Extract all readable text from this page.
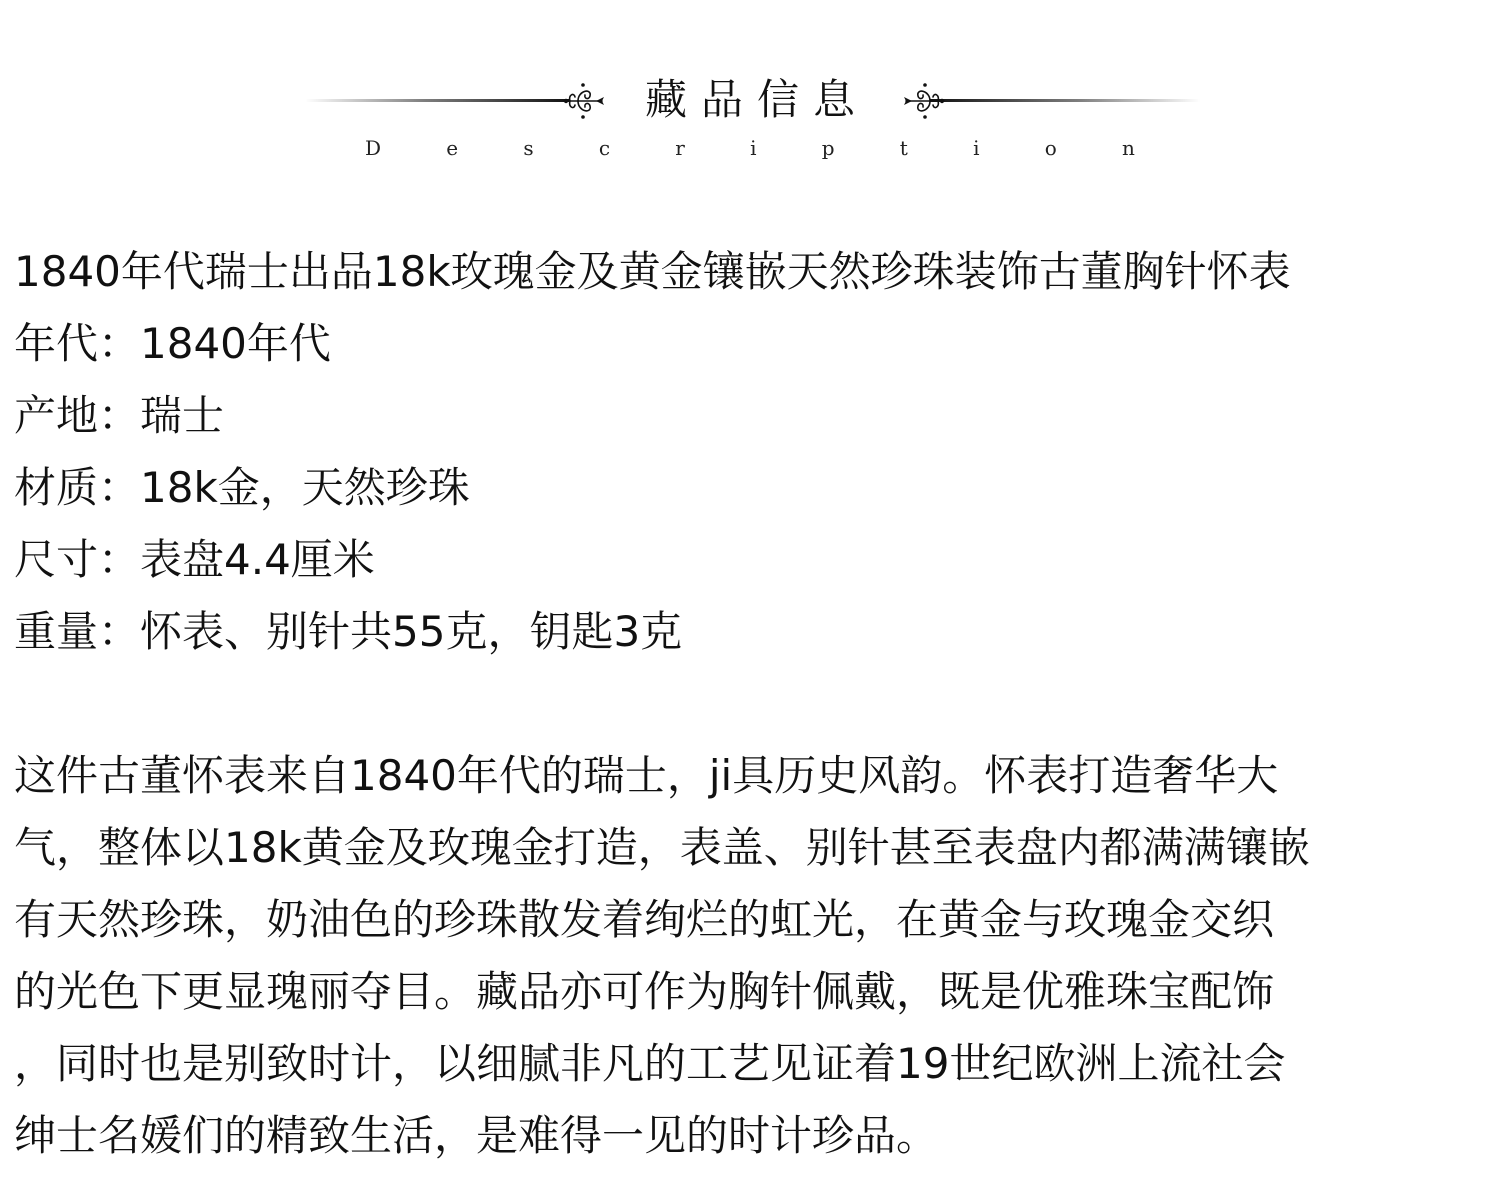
藏品信息
D	e	s	c	r	i	p	t	i	o	n
1840年代瑞士出品18k玫瑰金及黄金镶嵌天然珍珠装饰古董胸针怀表
年代：1840年代
产地：瑞士
材质：18k金，天然珍珠
尺寸：表盘4.4厘米
重量：怀表、别针共55克，钥匙3克
这件古董怀表来自1840年代的瑞士，ji具历史风韵。怀表打造奢华大
气，整体以18k黄金及玫瑰金打造，表盖、别针甚至表盘内都满满镶嵌
有天然珍珠，奶油色的珍珠散发着绚烂的虹光，在黄金与玫瑰金交织
的光色下更显瑰丽夺目。藏品亦可作为胸针佩戴，既是优雅珠宝配饰
，同时也是别致时计，以细腻非凡的工艺见证着19世纪欧洲上流社会
绅士名媛们的精致生活，是难得一见的时计珍品。
